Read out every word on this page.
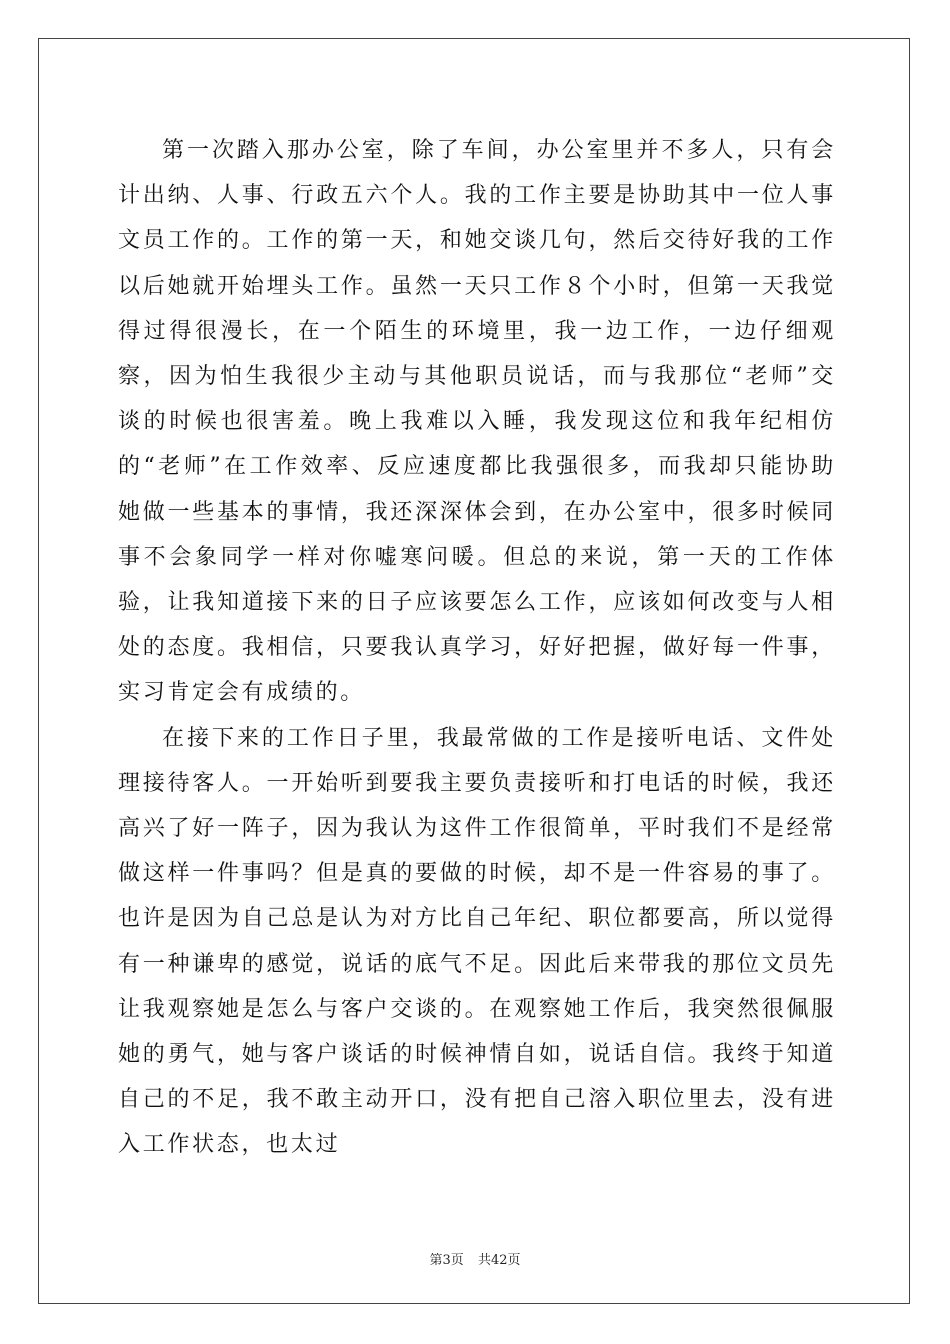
第一次踏入那办公室，除了车间，办公室里并不多人，只有会计出纳、人事、行政五六个人。我的工作主要是协助其中一位人事文员工作的。工作的第一天，和她交谈几句，然后交待好我的工作以后她就开始埋头工作。虽然一天只工作８个小时，但第一天我觉得过得很漫长，在一个陌生的环境里，我一边工作，一边仔细观察，因为怕生我很少主动与其他职员说话，而与我那位“老师”交谈的时候也很害羞。晚上我难以入睡，我发现这位和我年纪相仿的“老师”在工作效率、反应速度都比我强很多，而我却只能协助她做一些基本的事情，我还深深体会到，在办公室中，很多时候同事不会象同学一样对你嘘寒问暖。但总的来说，第一天的工作体验，让我知道接下来的日子应该要怎么工作，应该如何改变与人相处的态度。我相信，只要我认真学习，好好把握，做好每一件事，实习肯定会有成绩的。

在接下来的工作日子里，我最常做的工作是接听电话、文件处理接待客人。一开始听到要我主要负责接听和打电话的时候，我还高兴了好一阵子，因为我认为这件工作很简单，平时我们不是经常做这样一件事吗？但是真的要做的时候，却不是一件容易的事了。也许是因为自己总是认为对方比自己年纪、职位都要高，所以觉得有一种谦卑的感觉，说话的底气不足。因此后来带我的那位文员先让我观察她是怎么与客户交谈的。在观察她工作后，我突然很佩服她的勇气，她与客户谈话的时候神情自如，说话自信。我终于知道自己的不足，我不敢主动开口，没有把自己溶入职位里去，没有进入工作状态，也太过

第3页 共42页
